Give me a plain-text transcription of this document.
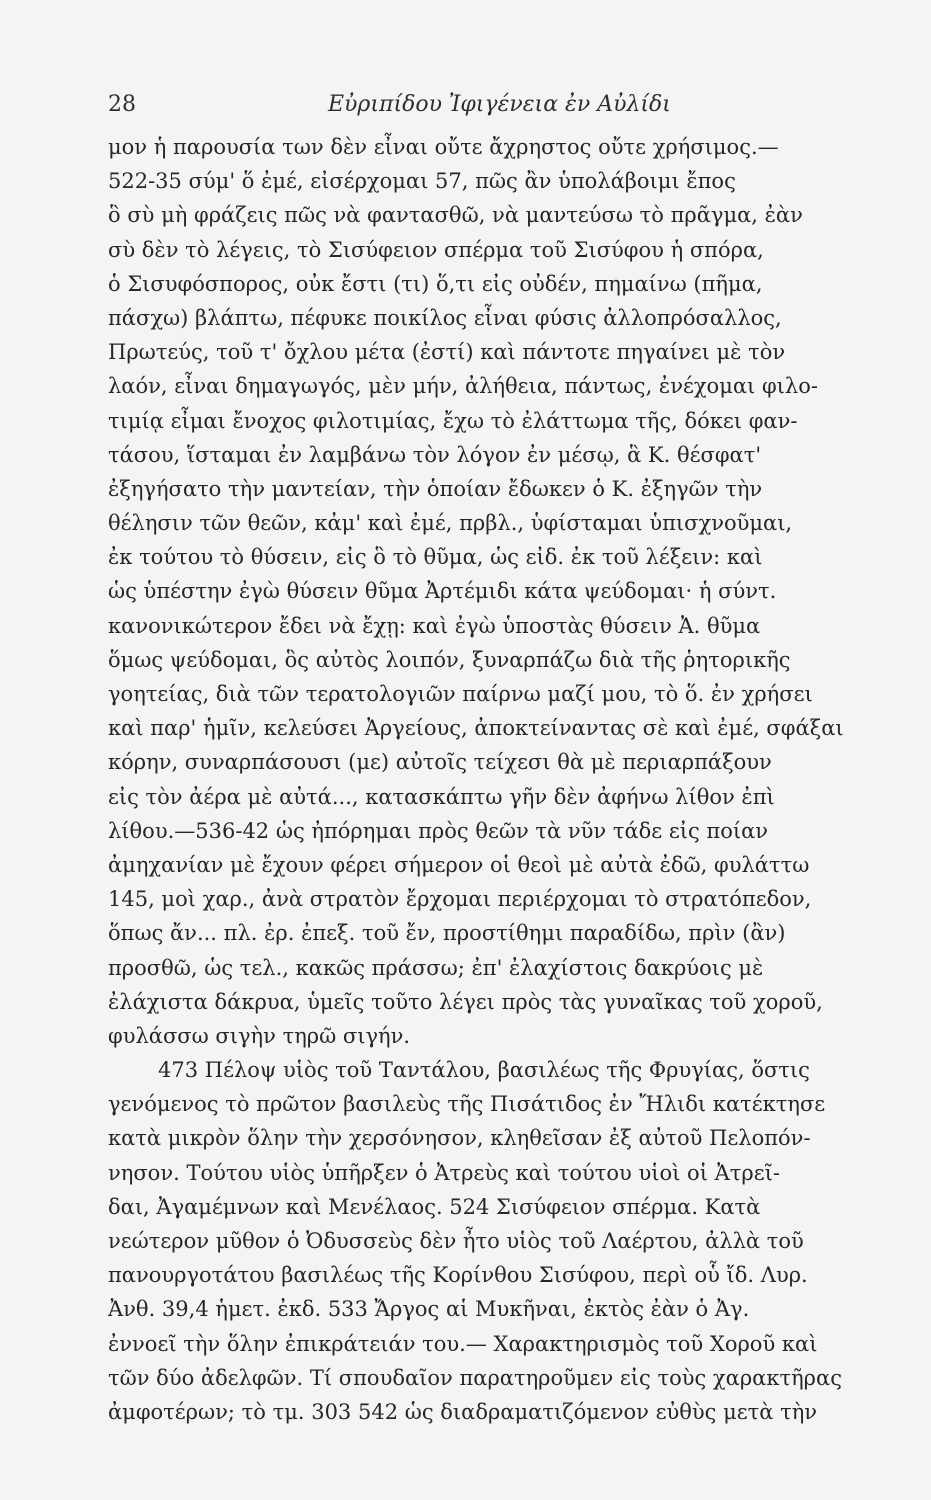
28	Εὐριπίδου Ἰφιγένεια ἐν Αὐλίδι
μον ἡ παρουσία των δὲν εἶναι οὔτε ἄχρηστος οὔτε χρήσιμος.—
522-35 σύμ' ὅ ἐμέ, εἰσέρχομαι 57, πῶς ἂν ὑπολάβοιμι ἔπος
ὃ σὺ μὴ φράζεις πῶς νὰ φαντασθῶ, νὰ μαντεύσω τὸ πρᾶγμα, ἐὰν
σὺ δὲν τὸ λέγεις, τὸ Σισύφειον σπέρμα τοῦ Σισύφου ἡ σπόρα,
ὁ Σισυφόσπορος, οὐκ ἔστι (τι) ὅ,τι εἰς οὐδέν, πημαίνω (πῆμα,
πάσχω) βλάπτω, πέφυκε ποικίλος εἶναι φύσις ἀλλοπρόσαλλος,
Πρωτεύς, τοῦ τ' ὄχλου μέτα (ἐστί) καὶ πάντοτε πηγαίνει μὲ τὸν
λαόν, εἶναι δημαγωγός, μὲν μήν, ἀλήθεια, πάντως, ἐνέχομαι φιλο-
τιμίᾳ εἶμαι ἔνοχος φιλοτιμίας, ἔχω τὸ ἐλάττωμα τῆς, δόκει φαν-
τάσου, ἵσταμαι ἐν λαμβάνω τὸν λόγον ἐν μέσῳ, ἃ Κ. θέσφατ'
ἐξηγήσατο τὴν μαντείαν, τὴν ὁποίαν ἔδωκεν ὁ Κ. ἐξηγῶν τὴν
θέλησιν τῶν θεῶν, κἀμ' καὶ ἐμέ, πρβλ., ὑφίσταμαι ὑπισχνοῦμαι,
ἐκ τούτου τὸ θύσειν, εἰς ὃ τὸ θῦμα, ὡς εἰδ. ἐκ τοῦ λέξειν: καὶ
ὡς ὑπέστην ἐγὼ θύσειν θῦμα Ἀρτέμιδι κάτα ψεύδομαι· ἡ σύντ.
κανονικώτερον ἔδει νὰ ἔχῃ: καὶ ἐγὼ ὑποστὰς θύσειν Ἀ. θῦμα
ὅμως ψεύδομαι, ὃς αὐτὸς λοιπόν, ξυναρπάζω διὰ τῆς ῥητορικῆς
γοητείας, διὰ τῶν τερατολογιῶν παίρνω μαζί μου, τὸ ὅ. ἐν χρήσει
καὶ παρ' ἡμῖν, κελεύσει Ἀργείους, ἀποκτείναντας σὲ καὶ ἐμέ, σφάξαι
κόρην, συναρπάσουσι (με) αὐτοῖς τείχεσι θὰ μὲ περιαρπάξουν
εἰς τὸν ἀέρα μὲ αὐτά..., κατασκάπτω γῆν δὲν ἀφήνω λίθον ἐπὶ
λίθου.—536-42 ὡς ἠπόρημαι πρὸς θεῶν τὰ νῦν τάδε εἰς ποίαν
ἀμηχανίαν μὲ ἔχουν φέρει σήμερον οἱ θεοὶ μὲ αὐτὰ ἐδῶ, φυλάττω
145, μοὶ χαρ., ἀνὰ στρατὸν ἔρχομαι περιέρχομαι τὸ στρατόπεδον,
ὅπως ἄν... πλ. ἐρ. ἐπεξ. τοῦ ἔν, προστίθημι παραδίδω, πρὶν (ἂν)
προσθῶ, ὡς τελ., κακῶς πράσσω; ἐπ' ἐλαχίστοις δακρύοις μὲ
ἐλάχιστα δάκρυα, ὑμεῖς τοῦτο λέγει πρὸς τὰς γυναῖκας τοῦ χοροῦ,
φυλάσσω σιγὴν τηρῶ σιγήν.
473 Πέλοψ υἱὸς τοῦ Ταντάλου, βασιλέως τῆς Φρυγίας, ὅστις
γενόμενος τὸ πρῶτον βασιλεὺς τῆς Πισάτιδος ἐν Ἤλιδι κατέκτησε
κατὰ μικρὸν ὅλην τὴν χερσόνησον, κληθεῖσαν ἐξ αὐτοῦ Πελοπόν-
νησον. Τούτου υἱὸς ὑπῆρξεν ὁ Ἀτρεὺς καὶ τούτου υἱοὶ οἱ Ἀτρεῖ-
δαι, Ἀγαμέμνων καὶ Μενέλαος. 524 Σισύφειον σπέρμα. Κατὰ
νεώτερον μῦθον ὁ Ὀδυσσεὺς δὲν ἦτο υἱὸς τοῦ Λαέρτου, ἀλλὰ τοῦ
πανουργοτάτου βασιλέως τῆς Κορίνθου Σισύφου, περὶ οὗ ἴδ. Λυρ.
Ἀνθ. 39,4 ἡμετ. ἐκδ. 533 Ἄργος αἱ Μυκῆναι, ἐκτὸς ἐὰν ὁ Ἀγ.
ἐννοεῖ τὴν ὅλην ἐπικράτειάν του.— Χαρακτηρισμὸς τοῦ Χοροῦ καὶ
τῶν δύο ἀδελφῶν. Τί σπουδαῖον παρατηροῦμεν εἰς τοὺς χαρακτῆρας
ἀμφοτέρων; τὸ τμ. 303 542 ὡς διαδραματιζόμενον εὐθὺς μετὰ τὴν
